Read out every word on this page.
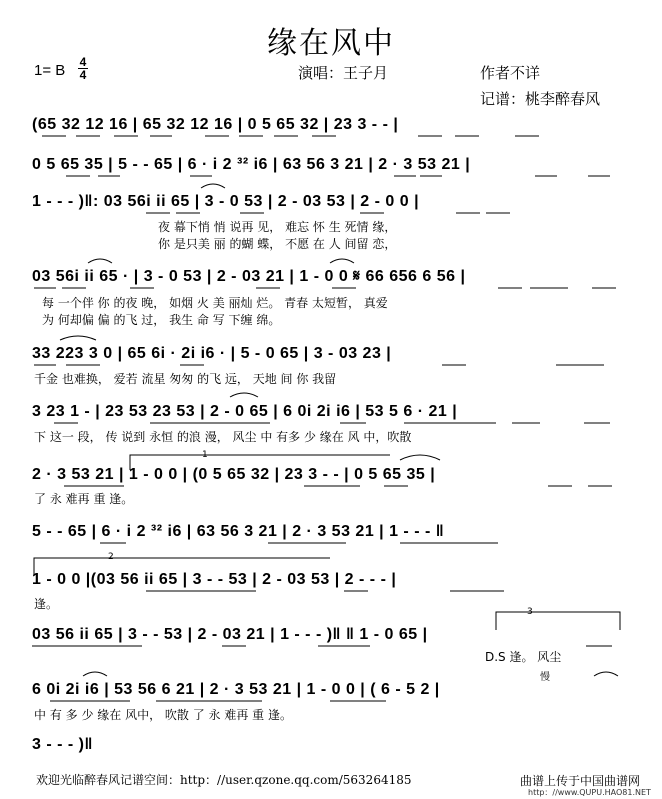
缘在风中
1= B 4
4	演唱：王子月	作者不详
记谱：桃李醉春风
(65 32 12 16 | 65 32 12 16 | 0 5 65 32 | 23 3 - - |
0 5 65 35 | 5 - - 65 | 6 · i 2 ³² i6 | 63 56 3 21 | 2 · 3 53 21 |
1 - - - )‖: 03 56i ii 65 | 3 - 0 53 | 2 - 03 53 | 2 - 0 0 |
夜 幕下悄 悄 说再 见， 难忘 怀 生 死情 缘，
你 是只美 丽 的蝴 蝶， 不愿 在 人 间留 恋，
03 56i ii 65 · | 3 - 0 53 | 2 - 03 21 | 1 - 0 0 𝄋 66 656 6 56 |
每 一个伴 你 的夜 晚， 如烟 火 美 丽灿 烂。 青春 太短暂， 真爱
为 何却偏 偏 的飞 过， 我生 命 写 下缠 绵。
33 223 3 0 | 65 6i · 2i i6 · | 5 - 0 65 | 3 - 03 23 |
千金 也难换， 爱若 流星 匆匆 的飞 远， 天地 间 你 我留
3 23 1 - | 23 53 23 53 | 2 - 0 65 | 6 0i 2i i6 | 53 5 6 · 21 |
下 这一 段， 传 说到 永恒 的浪 漫， 风尘 中 有多 少 缘在 风 中，吹散
2 · 3 53 21 | 1 - 0 0 | (0 5 65 32 | 23 3 - - | 0 5 65 35 |
了 永 难再 重 逢。
5 - - 65 | 6 · i 2 ³² i6 | 63 56 3 21 | 2 · 3 53 21 | 1 - - - ‖
1 - 0 0 |(03 56 ii 65 | 3 - - 53 | 2 - 03 53 | 2 - - - |
逢。
03 56 ii 65 | 3 - - 53 | 2 - 03 21 | 1 - - - )‖ ‖ 1 - 0 65 |
D.S 逢。 风尘
6 0i 2i i6 | 53 56 6 21 | 2 · 3 53 21 | 1 - 0 0 | ( 6 - 5 2 |
中 有 多 少 缘在 风中， 吹散 了 永 难再 重 逢。
慢
3 - - - )‖
1
2
3
欢迎光临醉春风记谱空间：http：//user.qzone.qq.com/563264185	曲谱上传于中国曲谱网
http：//www.QUPU.HAO81.NET
